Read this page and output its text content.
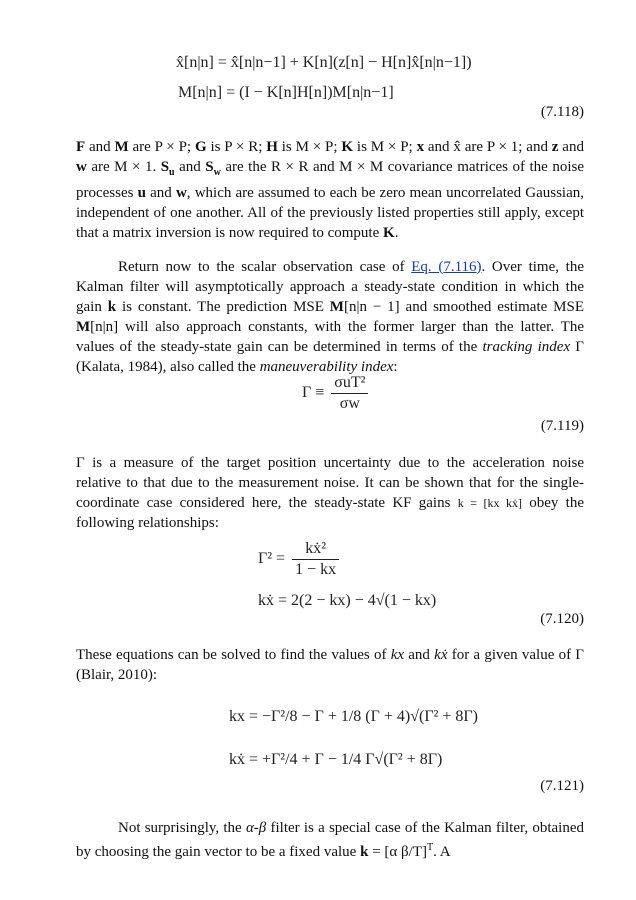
x̂[n|n] = x̂[n|n−1] + K[n](z[n] − H[n]x̂[n|n−1])
M[n|n] = (I − K[n]H[n])M[n|n−1]
(7.118)

F and M are P × P; G is P × R; H is M × P; K is M × P; x and x̂ are P × 1; and z and w are M × 1. $S_u$ and $S_w$ are the R × R and M × M covariance matrices of the noise processes u and w, which are assumed to each be zero mean uncorrelated Gaussian, independent of one another. All of the previously listed properties still apply, except that a matrix inversion is now required to compute K.

Return now to the scalar observation case of Eq. (7.116). Over time, the Kalman filter will asymptotically approach a steady-state condition in which the gain k is constant. The prediction MSE M[n|n − 1] and smoothed estimate MSE M[n|n] will also approach constants, with the former larger than the latter. The values of the steady-state gain can be determined in terms of the tracking index Γ (Kalata, 1984), also called the maneuverability index:

$\Gamma \equiv \frac{\text{σuT²}}{\sigma w}$
(7.119)

Γ is a measure of the target position uncertainty due to the acceleration noise relative to that due to the measurement noise. It can be shown that for the single-coordinate case considered here, the steady-state KF gains k = [kx kẋ] obey the following relationships:

$\Gamma^2 = \frac{\text{kẋ²}}{1 - kx}$
kẋ = 2(2 − kx) − 4√(1 − kx)
(7.120)

These equations can be solved to find the values of kx and kẋ for a given value of Γ (Blair, 2010):

kx = −Γ²/8 − Γ + 1/8 (Γ + 4)√(Γ² + 8Γ)
kẋ = +Γ²/4 + Γ − 1/4 Γ√(Γ² + 8Γ)
(7.121)

Not surprisingly, the α-β filter is a special case of the Kalman filter, obtained by choosing the gain vector to be a fixed value k = [α β/T]$^T$. A
